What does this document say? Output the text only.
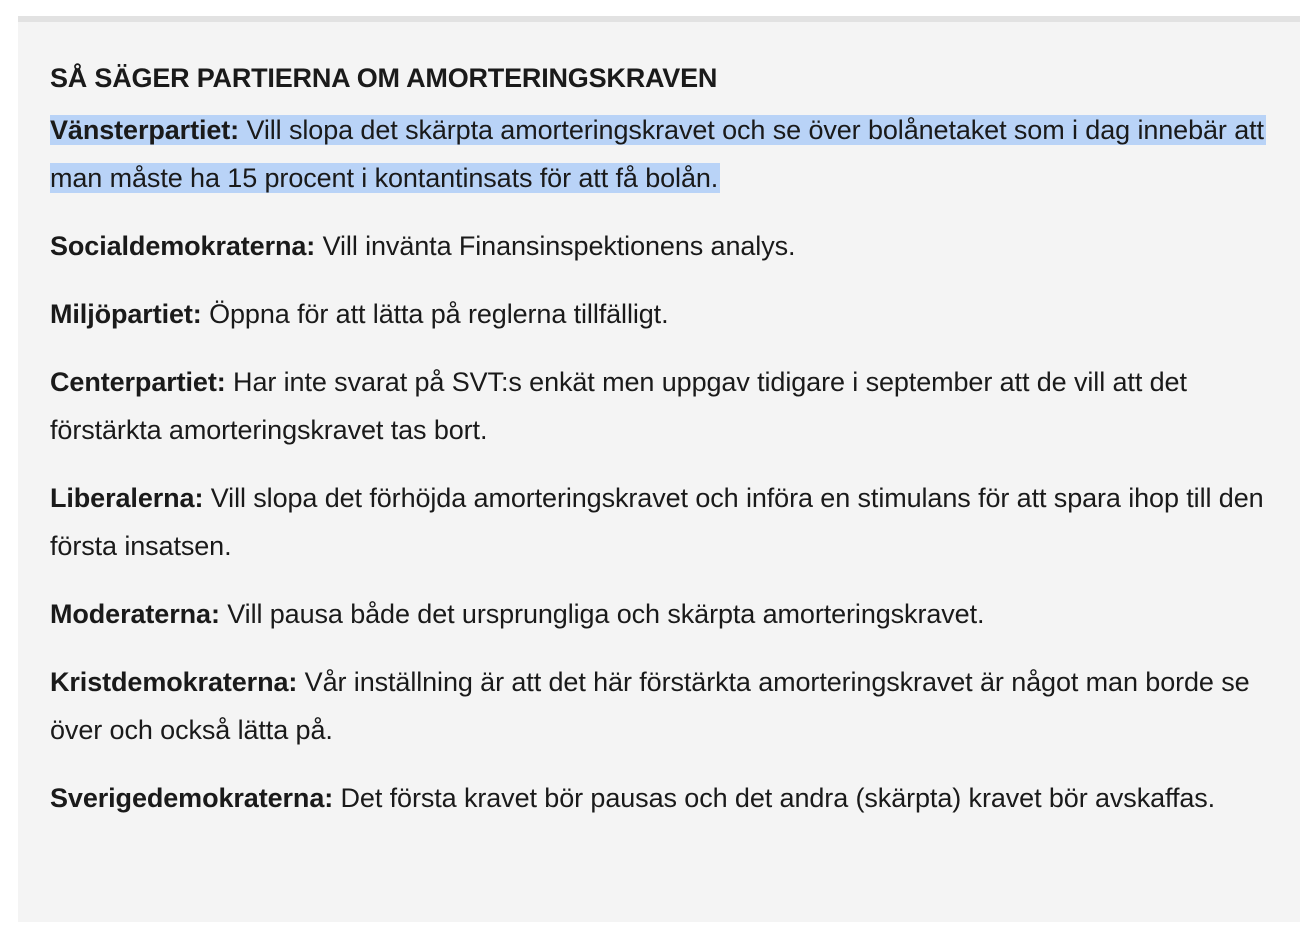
SÅ SÄGER PARTIERNA OM AMORTERINGSKRAVEN
Vänsterpartiet: Vill slopa det skärpta amorteringskravet och se över bolånetaket som i dag innebär att man måste ha 15 procent i kontantinsats för att få bolån.
Socialdemokraterna: Vill invänta Finansinspektionens analys.
Miljöpartiet: Öppna för att lätta på reglerna tillfälligt.
Centerpartiet: Har inte svarat på SVT:s enkät men uppgav tidigare i september att de vill att det förstärkta amorteringskravet tas bort.
Liberalerna: Vill slopa det förhöjda amorteringskravet och införa en stimulans för att spara ihop till den första insatsen.
Moderaterna: Vill pausa både det ursprungliga och skärpta amorteringskravet.
Kristdemokraterna: Vår inställning är att det här förstärkta amorteringskravet är något man borde se över och också lätta på.
Sverigedemokraterna: Det första kravet bör pausas och det andra (skärpta) kravet bör avskaffas.
